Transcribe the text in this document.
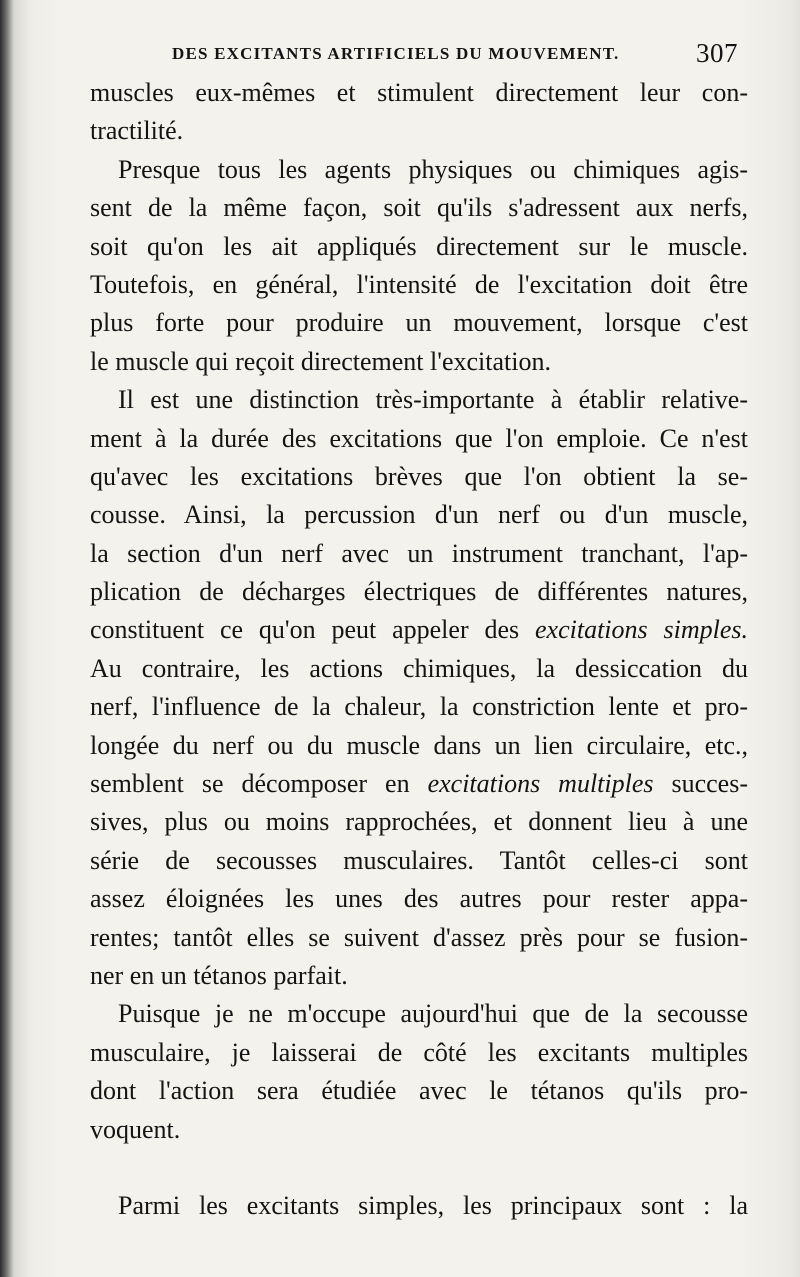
DES EXCITANTS ARTIFICIELS DU MOUVEMENT.	307
muscles eux-mêmes et stimulent directement leur con-
tractilité.
Presque tous les agents physiques ou chimiques agis-
sent de la même façon, soit qu'ils s'adressent aux nerfs,
soit qu'on les ait appliqués directement sur le muscle.
Toutefois, en général, l'intensité de l'excitation doit être
plus forte pour produire un mouvement, lorsque c'est
le muscle qui reçoit directement l'excitation.
Il est une distinction très-importante à établir relative-
ment à la durée des excitations que l'on emploie. Ce n'est
qu'avec les excitations brèves que l'on obtient la se-
cousse. Ainsi, la percussion d'un nerf ou d'un muscle,
la section d'un nerf avec un instrument tranchant, l'ap-
plication de décharges électriques de différentes natures,
constituent ce qu'on peut appeler des excitations simples.
Au contraire, les actions chimiques, la dessiccation du
nerf, l'influence de la chaleur, la constriction lente et pro-
longée du nerf ou du muscle dans un lien circulaire, etc.,
semblent se décomposer en excitations multiples succes-
sives, plus ou moins rapprochées, et donnent lieu à une
série de secousses musculaires. Tantôt celles-ci sont
assez éloignées les unes des autres pour rester appa-
rentes; tantôt elles se suivent d'assez près pour se fusion-
ner en un tétanos parfait.
Puisque je ne m'occupe aujourd'hui que de la secousse
musculaire, je laisserai de côté les excitants multiples
dont l'action sera étudiée avec le tétanos qu'ils pro-
voquent.
Parmi les excitants simples, les principaux sont : la
